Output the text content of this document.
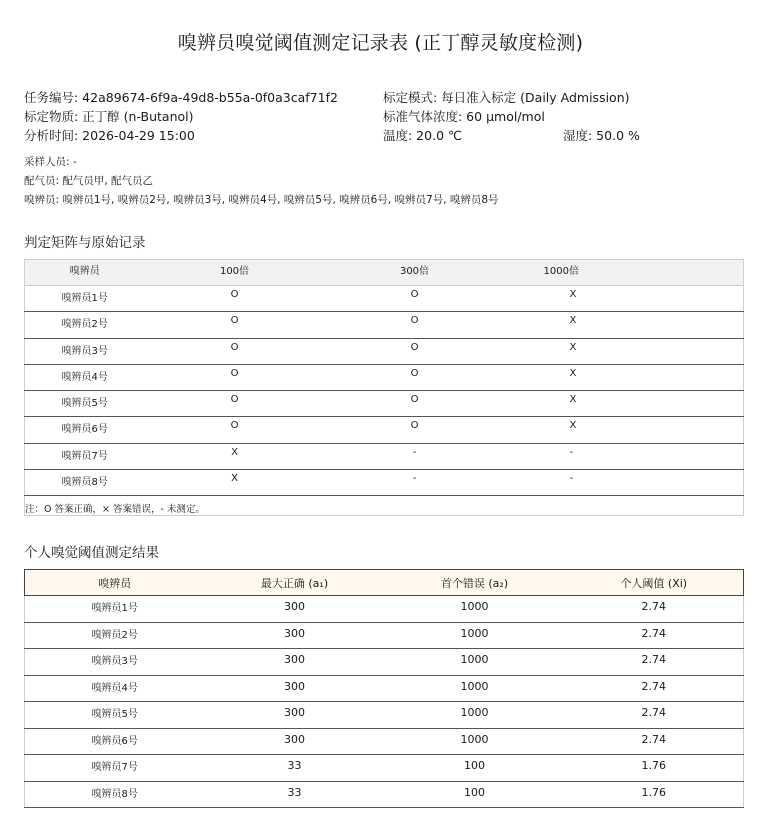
嗅辨员嗅觉阈值测定记录表 (正丁醇灵敏度检测)
任务编号: 42a89674-6f9a-49d8-b55a-0f0a3caf71f2	标定模式: 每日准入标定 (Daily Admission)
标定物质: 正丁醇 (n-Butanol)	标准气体浓度: 60 μmol/mol
分析时间: 2026-04-29 15:00	温度: 20.0 ℃	湿度: 50.0 %
采样人员: -
配气员: 配气员甲, 配气员乙
嗅辨员: 嗅辨员1号, 嗅辨员2号, 嗅辨员3号, 嗅辨员4号, 嗅辨员5号, 嗅辨员6号, 嗅辨员7号, 嗅辨员8号
判定矩阵与原始记录
嗅辨员	100倍	300倍	1000倍
嗅辨员1号	O	O	X
嗅辨员2号	O	O	X
嗅辨员3号	O	O	X
嗅辨员4号	O	O	X
嗅辨员5号	O	O	X
嗅辨员6号	O	O	X
嗅辨员7号	X	-	-
嗅辨员8号	X	-	-
注：O 答案正确，× 答案错误，- 未测定。			
个人嗅觉阈值测定结果
嗅辨员	最大正确 (a₁)	首个错误 (a₂)	个人阈值 (Xi)
嗅辨员1号	300	1000	2.74
嗅辨员2号	300	1000	2.74
嗅辨员3号	300	1000	2.74
嗅辨员4号	300	1000	2.74
嗅辨员5号	300	1000	2.74
嗅辨员6号	300	1000	2.74
嗅辨员7号	33	100	1.76
嗅辨员8号	33	100	1.76
